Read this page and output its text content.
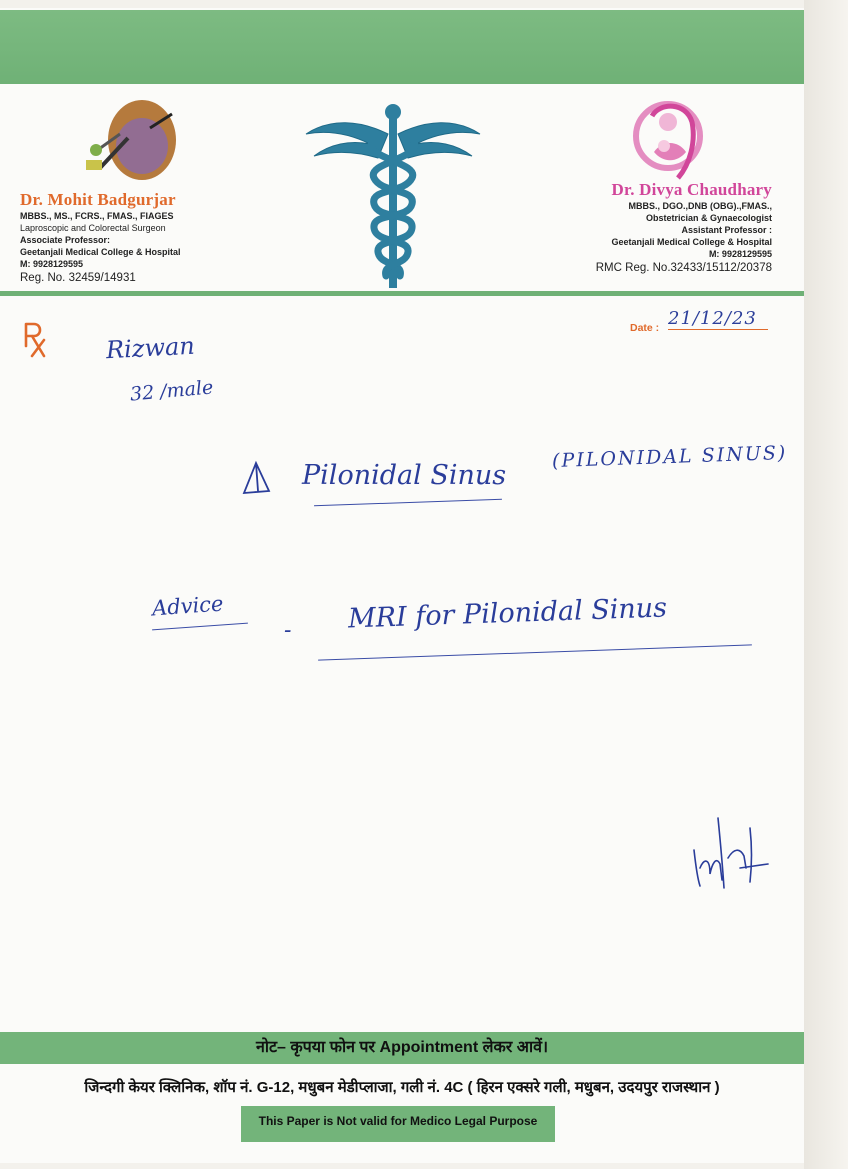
Dr. Mohit Badgurjar
MBBS., MS., FCRS., FMAS., FIAGES
Laproscopic and Colorectal Surgeon
Associate Professor:
Geetanjali Medical College & Hospital
M: 9928129595
Reg. No. 32459/14931
Dr. Divya Chaudhary
MBBS., DGO.,DNB (OBG).,FMAS.,
Obstetrician & Gynaecologist
Assistant Professor :
Geetanjali Medical College & Hospital
M: 9928129595
RMC Reg. No.32433/15112/20378
Date : 21/12/23

Rizwan

32 /male

Pilonidal Sinus

(PILONIDAL SINUS)

Advice

- MRI for Pilonidal Sinus

नोट– कृपया फोन पर Appointment लेकर आवें।
जिन्दगी केयर क्लिनिक, शॉप नं. G-12, मधुबन मेडीप्लाजा, गली नं. 4C ( हिरन एक्सरे गली, मधुबन, उदयपुर राजस्थान )
This Paper is Not valid for Medico Legal Purpose
